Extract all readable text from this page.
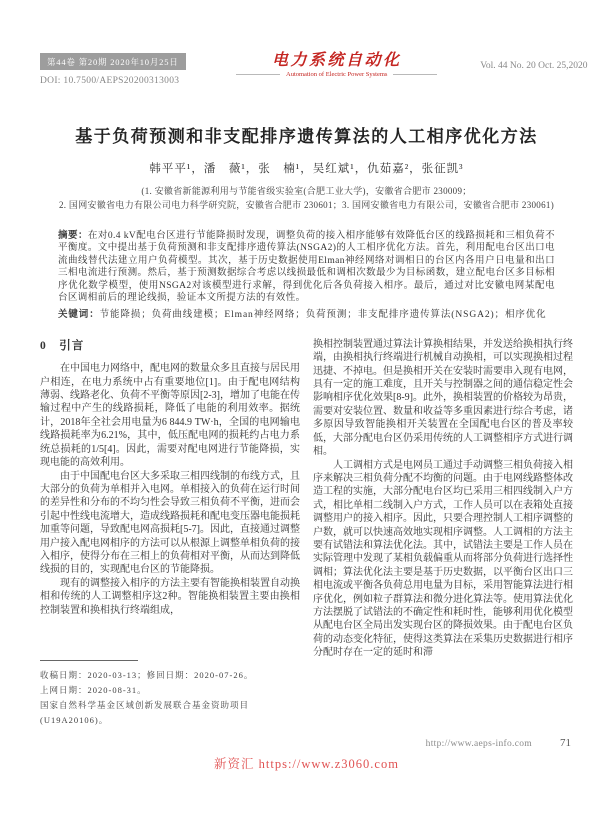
第44卷 第20期 2020年10月25日
DOI: 10.7500/AEPS20200313003
电力系统自动化
Automation of Electric Power Systems
Vol. 44 No. 20 Oct. 25,2020
基于负荷预测和非支配排序遗传算法的人工相序优化方法
韩平平¹，潘　薇¹，张　楠¹，吴红斌¹，仇茹嘉²，张征凯³
(1. 安徽省新能源利用与节能省级实验室(合肥工业大学)，安徽省合肥市 230009；
2. 国网安徽省电力有限公司电力科学研究院，安徽省合肥市 230601；3. 国网安徽省电力有限公司，安徽省合肥市 230061)
摘要：在对0.4 kV配电台区进行节能降损时发现，调整负荷的接入相序能够有效降低台区的线路损耗和三相负荷不平衡度。文中提出基于负荷预测和非支配排序遗传算法(NSGA2)的人工相序优化方法。首先，利用配电台区出口电流曲线替代法建立用户负荷模型。其次，基于历史数据使用Elman神经网络对调相日的台区内各用户日电量和出口三相电流进行预测。然后，基于预测数据综合考虑以线损最低和调相次数最少为目标函数，建立配电台区多目标相序优化数学模型，使用NSGA2对该模型进行求解，得到优化后各负荷接入相序。最后，通过对比安徽电网某配电台区调相前后的理论线损，验证本文所提方法的有效性。
关键词：节能降损；负荷曲线建模；Elman神经网络；负荷预测；非支配排序遗传算法(NSGA2)；相序优化
0　引言

在中国电力网络中，配电网的数量众多且直接与居民用户相连，在电力系统中占有重要地位[1]。由于配电网结构薄弱、线路老化、负荷不平衡等原因[2-3]，增加了电能在传输过程中产生的线路损耗，降低了电能的利用效率。据统计，2018年全社会用电量为6 844.9 TW·h，全国的电网输电线路损耗率为6.21%，其中，低压配电网的损耗约占电力系统总损耗的1/5[4]。因此，需要对配电网进行节能降损，实现电能的高效利用。

由于中国配电台区大多采取三相四线制的布线方式，且大部分的负荷为单相并入电网。单相接入的负荷在运行时间的差异性和分布的不均匀性会导致三相负荷不平衡，进而会引起中性线电流增大，造成线路损耗和配电变压器电能损耗加重等问题，导致配电网高损耗[5-7]。因此，直接通过调整用户接入配电网相序的方法可以从根源上调整单相负荷的接入相序，使得分布在三相上的负荷相对平衡，从而达到降低线损的目的，实现配电台区的节能降损。

现有的调整接入相序的方法主要有智能换相装置自动换相和传统的人工调整相序这2种。智能换相装置主要由换相控制装置和换相执行终端组成，

收稿日期：2020-03-13；修回日期：2020-07-26。
上网日期：2020-08-31。
国家自然科学基金区域创新发展联合基金资助项目(U19A20106)。

换相控制装置通过算法计算换相结果，并发送给换相执行终端，由换相执行终端进行机械自动换相，可以实现换相过程迅捷、不掉电。但是换相开关在安装时需要串入现有电网，具有一定的施工难度，且开关与控制器之间的通信稳定性会影响相序优化效果[8-9]。此外，换相装置的价格较为昂贵，需要对安装位置、数量和收益等多重因素进行综合考虑，诸多原因导致智能换相开关装置在全国配电台区的普及率较低，大部分配电台区仍采用传统的人工调整相序方式进行调相。

人工调相方式是电网员工通过手动调整三相负荷接入相序来解决三相负荷分配不均衡的问题。由于电网线路整体改造工程的实施，大部分配电台区均已采用三相四线制入户方式，相比单相二线制入户方式，工作人员可以在表箱处直接调整用户的接入相序。因此，只要合理控制人工相序调整的户数，就可以快速高效地实现相序调整。人工调相的方法主要有试错法和算法优化法。其中，试错法主要是工作人员在实际管理中发现了某相负载偏重从而将部分负荷进行选择性调相；算法优化法主要是基于历史数据，以平衡台区出口三相电流或平衡各负荷总用电量为目标，采用智能算法进行相序优化，例如粒子群算法和微分进化算法等。使用算法优化方法摆脱了试错法的不确定性和耗时性，能够利用优化模型从配电台区全局出发实现台区的降损效果。由于配电台区负荷的动态变化特征，使得这类算法在采集历史数据进行相序分配时存在一定的延时和滞

http://www.aeps-info.com	71
新资汇 https://www.z3060.com
